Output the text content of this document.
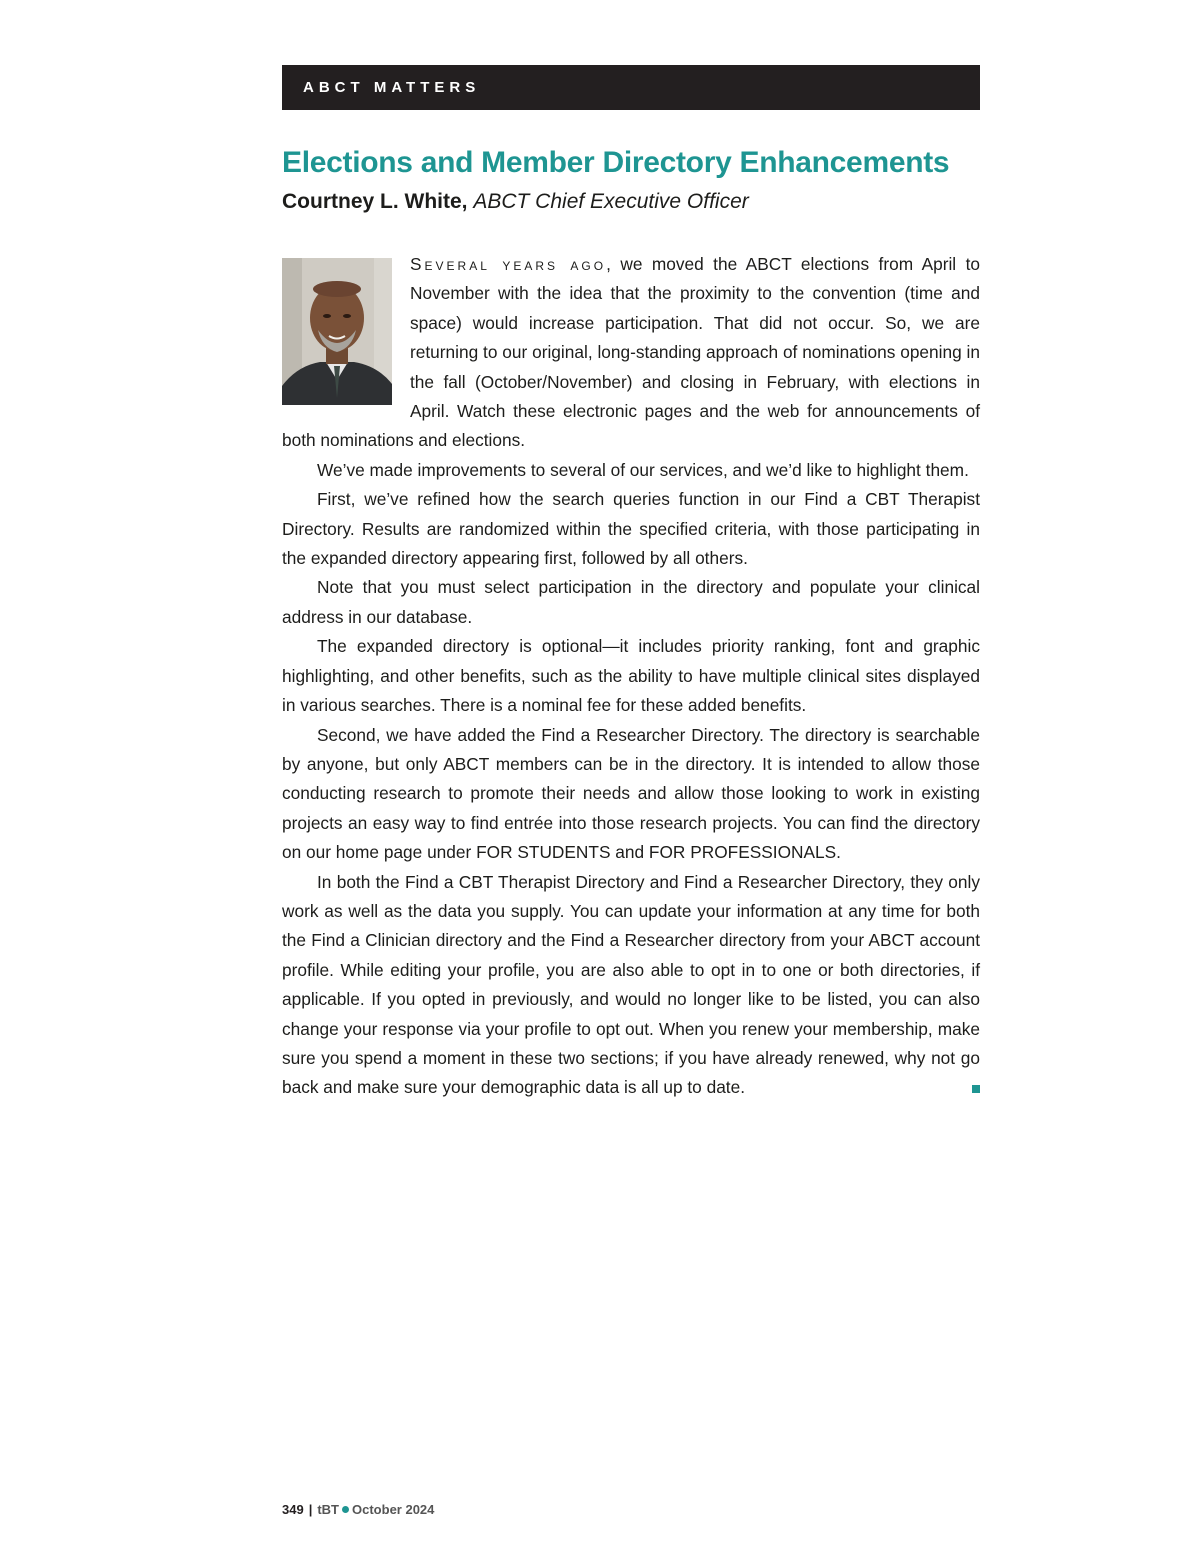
ABCT MATTERS
Elections and Member Directory Enhancements

Courtney L. White, ABCT Chief Executive Officer

Several years ago, we moved the ABCT elections from April to November with the idea that the proximity to the convention (time and space) would increase participation. That did not occur. So, we are returning to our original, long-standing approach of nominations opening in the fall (October/November) and closing in February, with elections in April. Watch these electronic pages and the web for announcements of both nominations and elections.

We’ve made improvements to several of our services, and we’d like to highlight them.

First, we’ve refined how the search queries function in our Find a CBT Therapist Directory. Results are randomized within the specified criteria, with those participating in the expanded directory appearing first, followed by all others.

Note that you must select participation in the directory and populate your clinical address in our database.

The expanded directory is optional—it includes priority ranking, font and graphic highlighting, and other benefits, such as the ability to have multiple clinical sites displayed in various searches. There is a nominal fee for these added benefits.

Second, we have added the Find a Researcher Directory. The directory is searchable by anyone, but only ABCT members can be in the directory. It is intended to allow those conducting research to promote their needs and allow those looking to work in existing projects an easy way to find entrée into those research projects. You can find the directory on our home page under FOR STUDENTS and FOR PROFESSIONALS.

In both the Find a CBT Therapist Directory and Find a Researcher Directory, they only work as well as the data you supply. You can update your information at any time for both the Find a Clinician directory and the Find a Researcher directory from your ABCT account profile. While editing your profile, you are also able to opt in to one or both directories, if applicable. If you opted in previously, and would no longer like to be listed, you can also change your response via your profile to opt out. When you renew your membership, make sure you spend a moment in these two sections; if you have already renewed, why not go back and make sure your demographic data is all up to date.

349 | tBT October 2024
